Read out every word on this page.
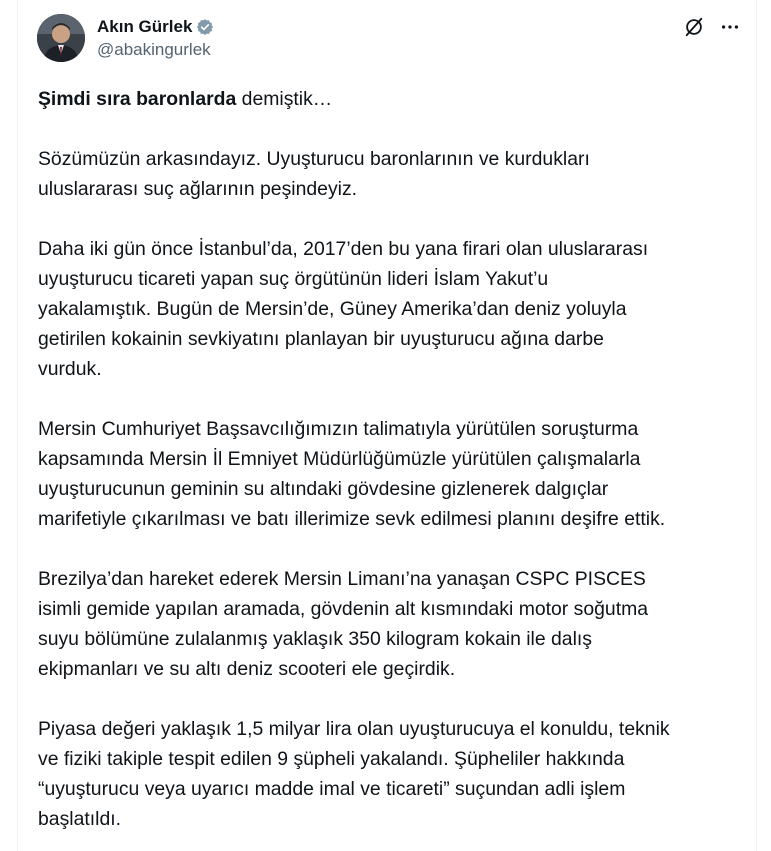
Akın Gürlek
@abakingurlek
Şimdi sıra baronlarda demiştik…
Sözümüzün arkasındayız. Uyuşturucu baronlarının ve kurdukları
uluslararası suç ağlarının peşindeyiz.
Daha iki gün önce İstanbul’da, 2017’den bu yana firari olan uluslararası
uyuşturucu ticareti yapan suç örgütünün lideri İslam Yakut’u
yakalamıştık. Bugün de Mersin’de, Güney Amerika’dan deniz yoluyla
getirilen kokainin sevkiyatını planlayan bir uyuşturucu ağına darbe
vurduk.
Mersin Cumhuriyet Başsavcılığımızın talimatıyla yürütülen soruşturma
kapsamında Mersin İl Emniyet Müdürlüğümüzle yürütülen çalışmalarla
uyuşturucunun geminin su altındaki gövdesine gizlenerek dalgıçlar
marifetiyle çıkarılması ve batı illerimize sevk edilmesi planını deşifre ettik.
Brezilya’dan hareket ederek Mersin Limanı’na yanaşan CSPC PISCES
isimli gemide yapılan aramada, gövdenin alt kısmındaki motor soğutma
suyu bölümüne zulalanmış yaklaşık 350 kilogram kokain ile dalış
ekipmanları ve su altı deniz scooteri ele geçirdik.
Piyasa değeri yaklaşık 1,5 milyar lira olan uyuşturucuya el konuldu, teknik
ve fiziki takiple tespit edilen 9 şüpheli yakalandı. Şüpheliler hakkında
“uyuşturucu veya uyarıcı madde imal ve ticareti” suçundan adli işlem
başlatıldı.
